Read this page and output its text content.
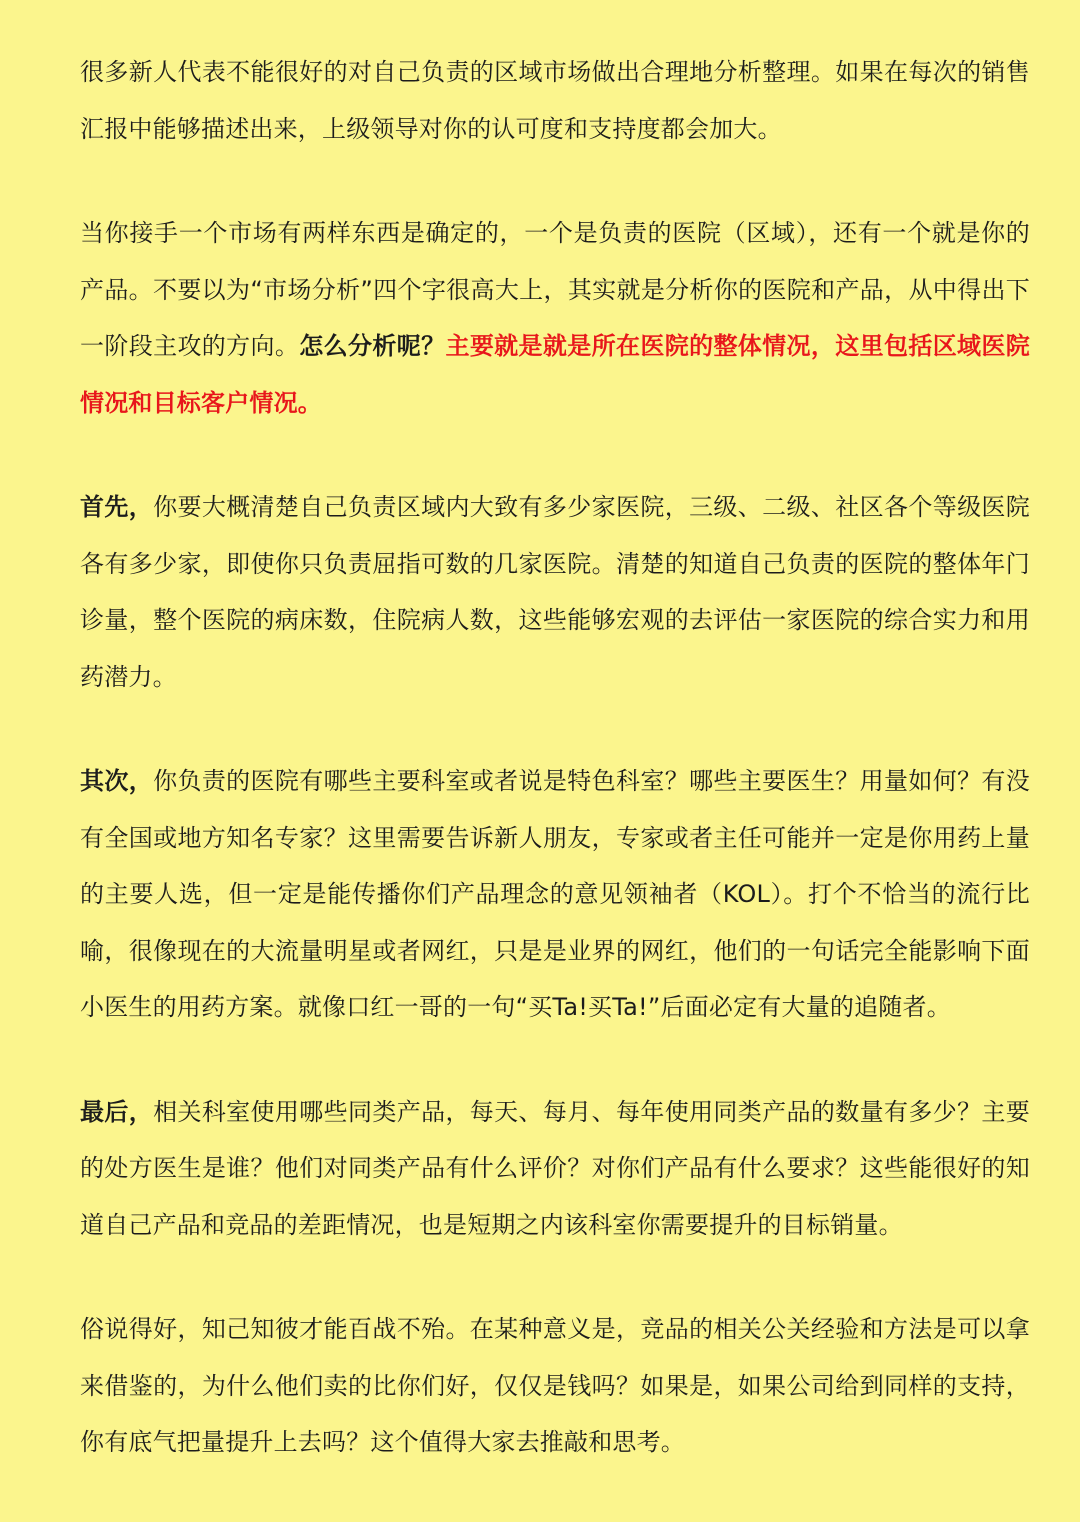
很多新人代表不能很好的对自己负责的区域市场做出合理地分析整理。如果在每次的销售汇报中能够描述出来，上级领导对你的认可度和支持度都会加大。

当你接手一个市场有两样东西是确定的，一个是负责的医院（区域），还有一个就是你的产品。不要以为“市场分析”四个字很高大上，其实就是分析你的医院和产品，从中得出下一阶段主攻的方向。怎么分析呢？主要就是就是所在医院的整体情况，这里包括区域医院情况和目标客户情况。

首先，你要大概清楚自己负责区域内大致有多少家医院，三级、二级、社区各个等级医院各有多少家，即使你只负责屈指可数的几家医院。清楚的知道自己负责的医院的整体年门诊量，整个医院的病床数，住院病人数，这些能够宏观的去评估一家医院的综合实力和用药潜力。

其次，你负责的医院有哪些主要科室或者说是特色科室？哪些主要医生？用量如何？有没有全国或地方知名专家？这里需要告诉新人朋友，专家或者主任可能并一定是你用药上量的主要人选，但一定是能传播你们产品理念的意见领袖者（KOL）。打个不恰当的流行比喻，很像现在的大流量明星或者网红，只是是业界的网红，他们的一句话完全能影响下面小医生的用药方案。就像口红一哥的一句“买Ta!买Ta!”后面必定有大量的追随者。

最后，相关科室使用哪些同类产品，每天、每月、每年使用同类产品的数量有多少？主要的处方医生是谁？他们对同类产品有什么评价？对你们产品有什么要求？这些能很好的知道自己产品和竞品的差距情况，也是短期之内该科室你需要提升的目标销量。

俗说得好，知己知彼才能百战不殆。在某种意义是，竞品的相关公关经验和方法是可以拿来借鉴的，为什么他们卖的比你们好，仅仅是钱吗？如果是，如果公司给到同样的支持，你有底气把量提升上去吗？这个值得大家去推敲和思考。
